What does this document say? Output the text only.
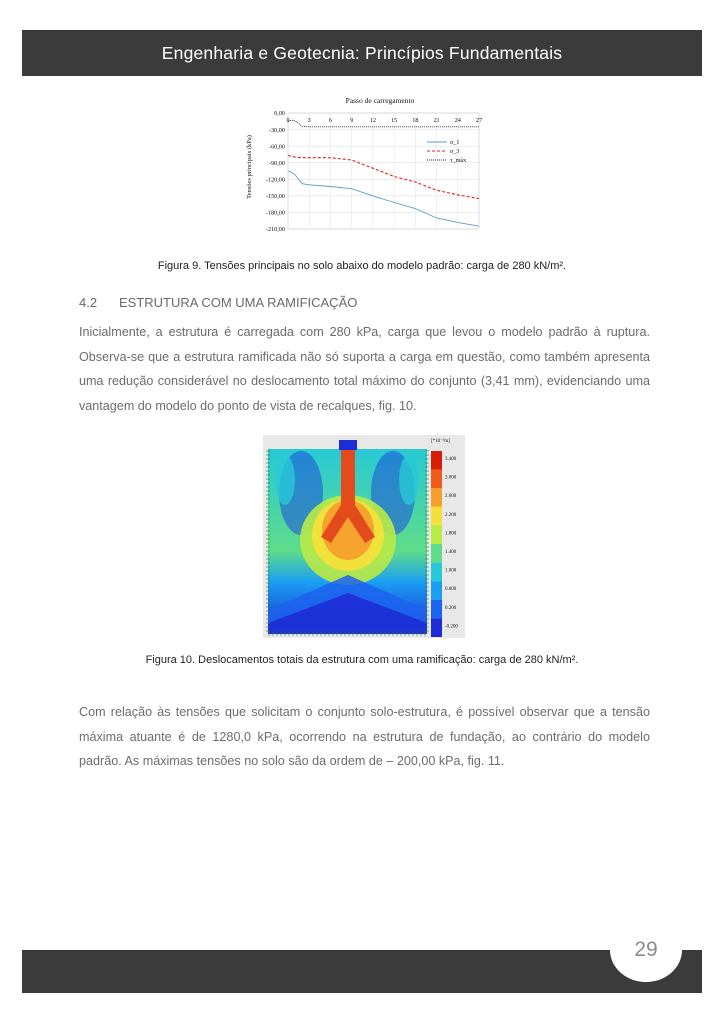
Engenharia e Geotecnia: Princípios Fundamentais
0,00
-30,00
-60,00
-90,00
-120,00
-150,00
-180,00
-210,00
0	3	6	9	12 15 18 21 24 27
σ_1
σ_3
τ_máx
Passo de carregamento
Tensões principais (kPa)
Figura 9. Tensões principais no solo abaixo do modelo padrão: carga de 280 kN/m².
4.2 ESTRUTURA COM UMA RAMIFICAÇÃO
Inicialmente, a estrutura é carregada com 280 kPa, carga que levou o modelo padrão à ruptura. Observa-se que a estrutura ramificada não só suporta a carga em questão, como também apresenta uma redução considerável no deslocamento total máximo do conjunto (3,41 mm), evidenciando uma vantagem do modelo do ponto de vista de recalques, fig. 10.
[*10⁻³m]
3.400
3.000
2.600
2.200
1.800
1.400
1.000
0.600
0.200
-0.200
Figura 10. Deslocamentos totais da estrutura com uma ramificação: carga de 280 kN/m².
Com relação às tensões que solicitam o conjunto solo-estrutura, é possível observar que a tensão máxima atuante é de 1280,0 kPa, ocorrendo na estrutura de fundação, ao contrário do modelo padrão. As máximas tensões no solo são da ordem de – 200,00 kPa, fig. 11.
29
